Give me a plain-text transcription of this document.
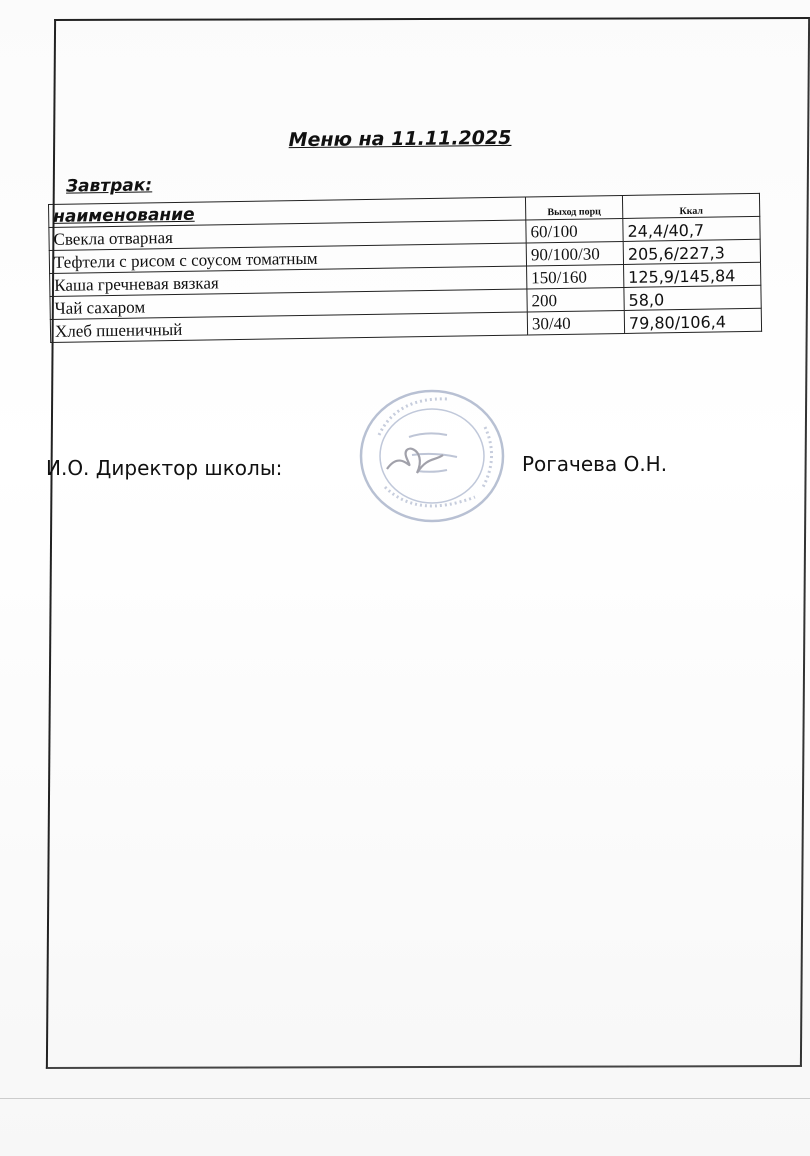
Меню на 11.11.2025
Завтрак:
наименование	Выход порц	Ккал
Свекла отварная	60/100	24,4/40,7
Тефтели с рисом с соусом томатным	90/100/30	205,6/227,3
Каша гречневая вязкая	150/160	125,9/145,84
Чай сахаром	200	58,0
Хлеб пшеничный	30/40	79,80/106,4
И.О. Директор школы:	Рогачева О.Н.
